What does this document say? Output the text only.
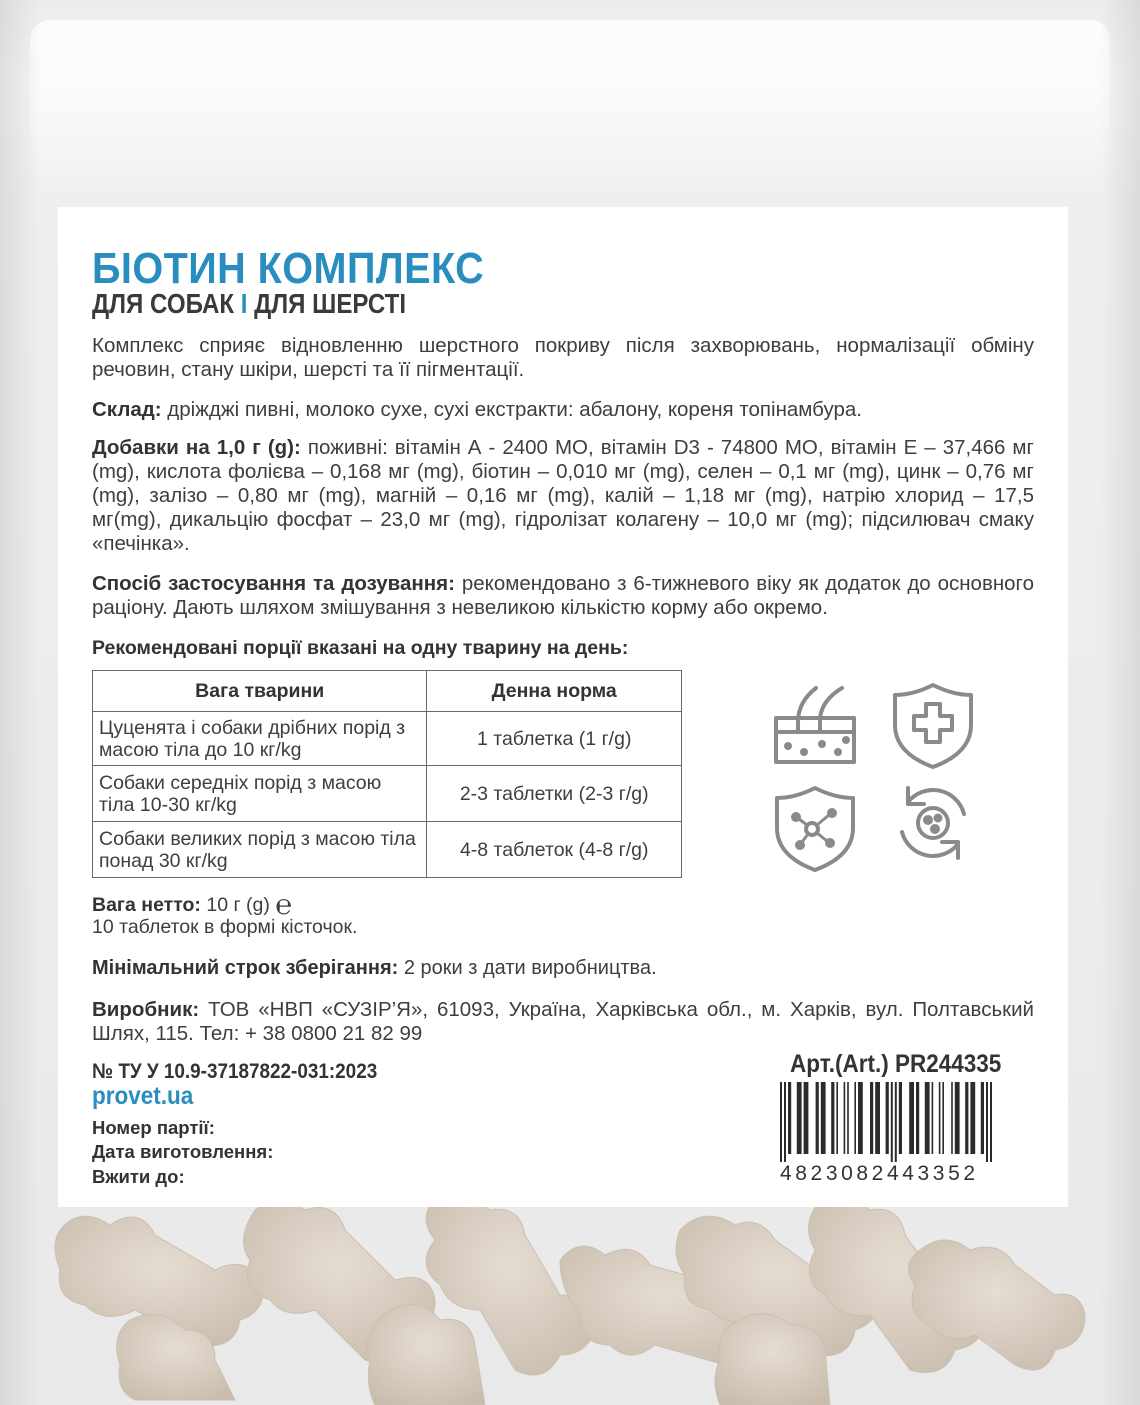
БІОТИН КОМПЛЕКС
ДЛЯ СОБАК І ДЛЯ ШЕРСТІ
Комплекс сприяє відновленню шерстного покриву після захворювань, нормалізації обміну речовин, стану шкіри, шерсті та її пігментації.
Склад: дріжджі пивні, молоко сухе, сухі екстракти: абалону, кореня топінамбура.
Добавки на 1,0 г (g): поживні: вітамін А - 2400 МО, вітамін D3 - 74800 МО, вітамін Е – 37,466 мг (mg), кислота фолієва – 0,168 мг (mg), біотин – 0,010 мг (mg), селен – 0,1 мг (mg), цинк – 0,76 мг (mg), залізо – 0,80 мг (mg), магній – 0,16 мг (mg), калій – 1,18 мг (mg), натрію хлорид – 17,5 мг(mg), дикальцію фосфат – 23,0 мг (mg), гідролізат колагену – 10,0 мг (mg); підсилювач смаку «печінка».
Спосіб застосування та дозування: рекомендовано з 6-тижневого віку як додаток до основного раціону. Дають шляхом змішування з невеликою кількістю корму або окремо.
Рекомендовані порції вказані на одну тварину на день:
Вага тварини	Денна норма
Цуценята і собаки дрібних порід з масою тіла до 10 кг/kg	1 таблетка (1 г/g)
Собаки середніх порід з масою тіла 10-30 кг/kg	2-3 таблетки (2-3 г/g)
Собаки великих порід з масою тіла понад 30 кг/kg	4-8 таблеток (4-8 г/g)
Вага нетто: 10 г (g) ℮
10 таблеток в формі кісточок.
Мінімальний строк зберігання: 2 роки з дати виробництва.
Виробник: ТОВ «НВП «СУЗІР’Я», 61093, Україна, Харківська обл., м. Харків, вул. Полтавський Шлях, 115. Тел: + 38 0800 21 82 99
№ ТУ У 10.9-37187822-031:2023
provet.ua
Номер партії:
Дата виготовлення:
Вжити до:
Арт.(Art.) PR244335
4823082443352
